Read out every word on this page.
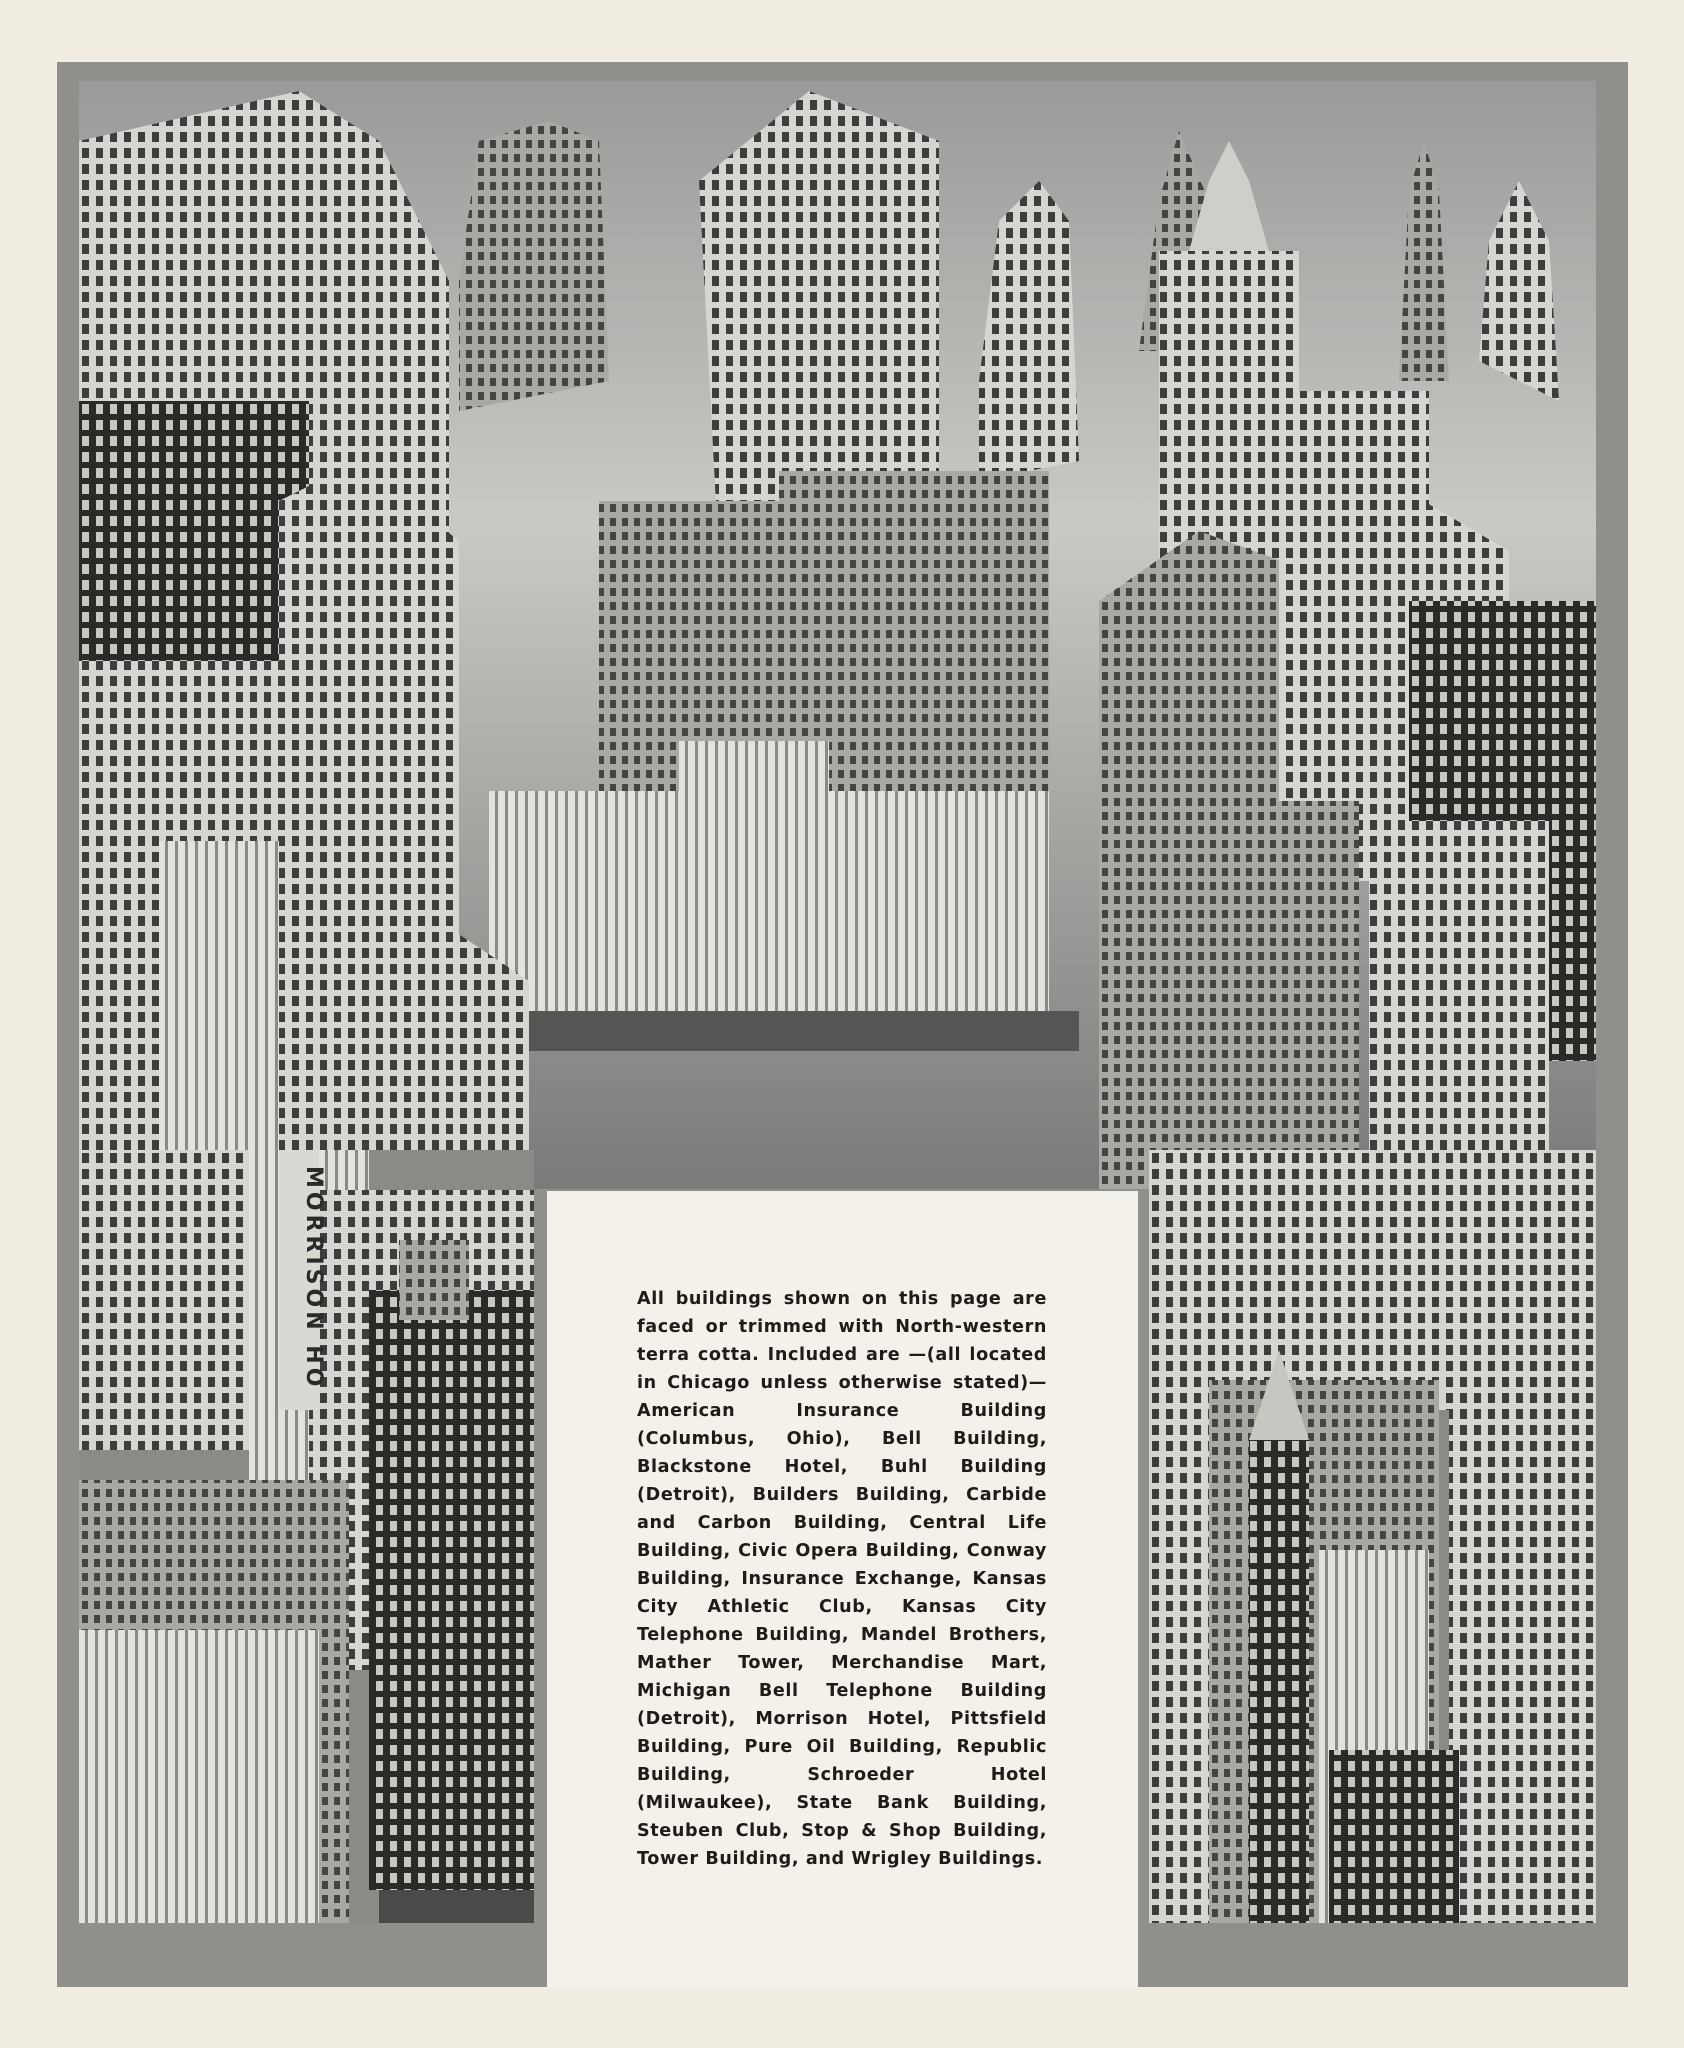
MORRISON HO	All buildings shown on this page are faced or trimmed with North-western terra cotta. Included are —(all located in Chicago unless otherwise stated)—American Insurance Building (Columbus, Ohio), Bell Building, Blackstone Hotel, Buhl Building (Detroit), Builders Building, Carbide and Carbon Building, Central Life Building, Civic Opera Building, Conway Building, Insurance Exchange, Kansas City Athletic Club, Kansas City Telephone Building, Mandel Brothers, Mather Tower, Merchandise Mart, Michigan Bell Telephone Building (Detroit), Morrison Hotel, Pittsfield Building, Pure Oil Building, Republic Building, Schroeder Hotel (Milwaukee), State Bank Building, Steuben Club, Stop & Shop Building, Tower Building, and Wrigley Buildings.
